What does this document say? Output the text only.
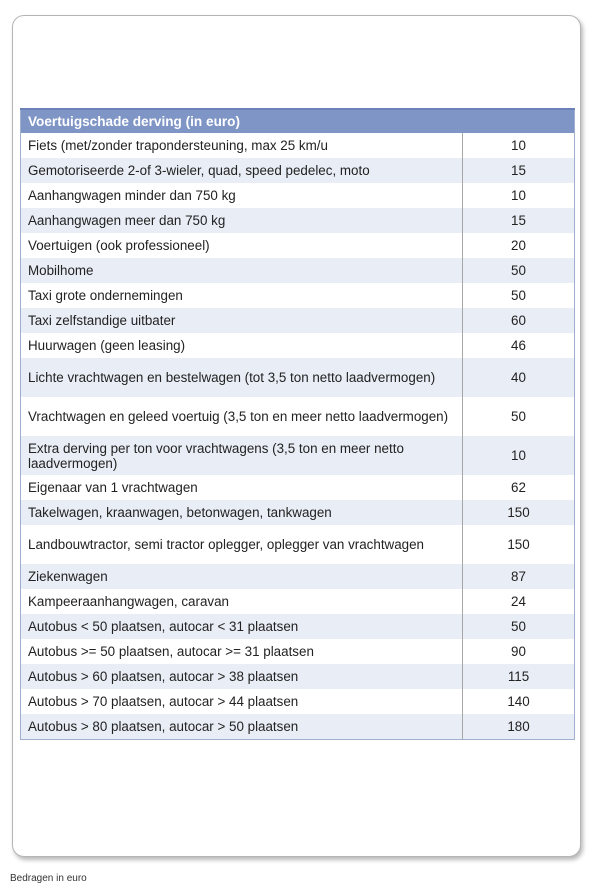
Voertuigschade derving (in euro)	
Fiets (met/zonder trapondersteuning, max 25 km/u	10
Gemotoriseerde 2-of 3-wieler, quad, speed pedelec, moto	15
Aanhangwagen minder dan 750 kg	10
Aanhangwagen meer dan 750 kg	15
Voertuigen (ook professioneel)	20
Mobilhome	50
Taxi grote ondernemingen	50
Taxi zelfstandige uitbater	60
Huurwagen (geen leasing)	46
Lichte vrachtwagen en bestelwagen (tot 3,5 ton netto laadvermogen)	40
Vrachtwagen en geleed voertuig (3,5 ton en meer netto laadvermogen)	50
Extra derving per ton voor vrachtwagens (3,5 ton en meer netto laadvermogen)	10
Eigenaar van 1 vrachtwagen	62
Takelwagen, kraanwagen, betonwagen, tankwagen	150
Landbouwtractor, semi tractor oplegger, oplegger van vrachtwagen	150
Ziekenwagen	87
Kampeeraanhangwagen, caravan	24
Autobus < 50 plaatsen, autocar < 31 plaatsen	50
Autobus >= 50 plaatsen, autocar >= 31 plaatsen	90
Autobus > 60 plaatsen, autocar > 38 plaatsen	115
Autobus > 70 plaatsen, autocar > 44 plaatsen	140
Autobus > 80 plaatsen, autocar > 50 plaatsen	180
Bedragen in euro
